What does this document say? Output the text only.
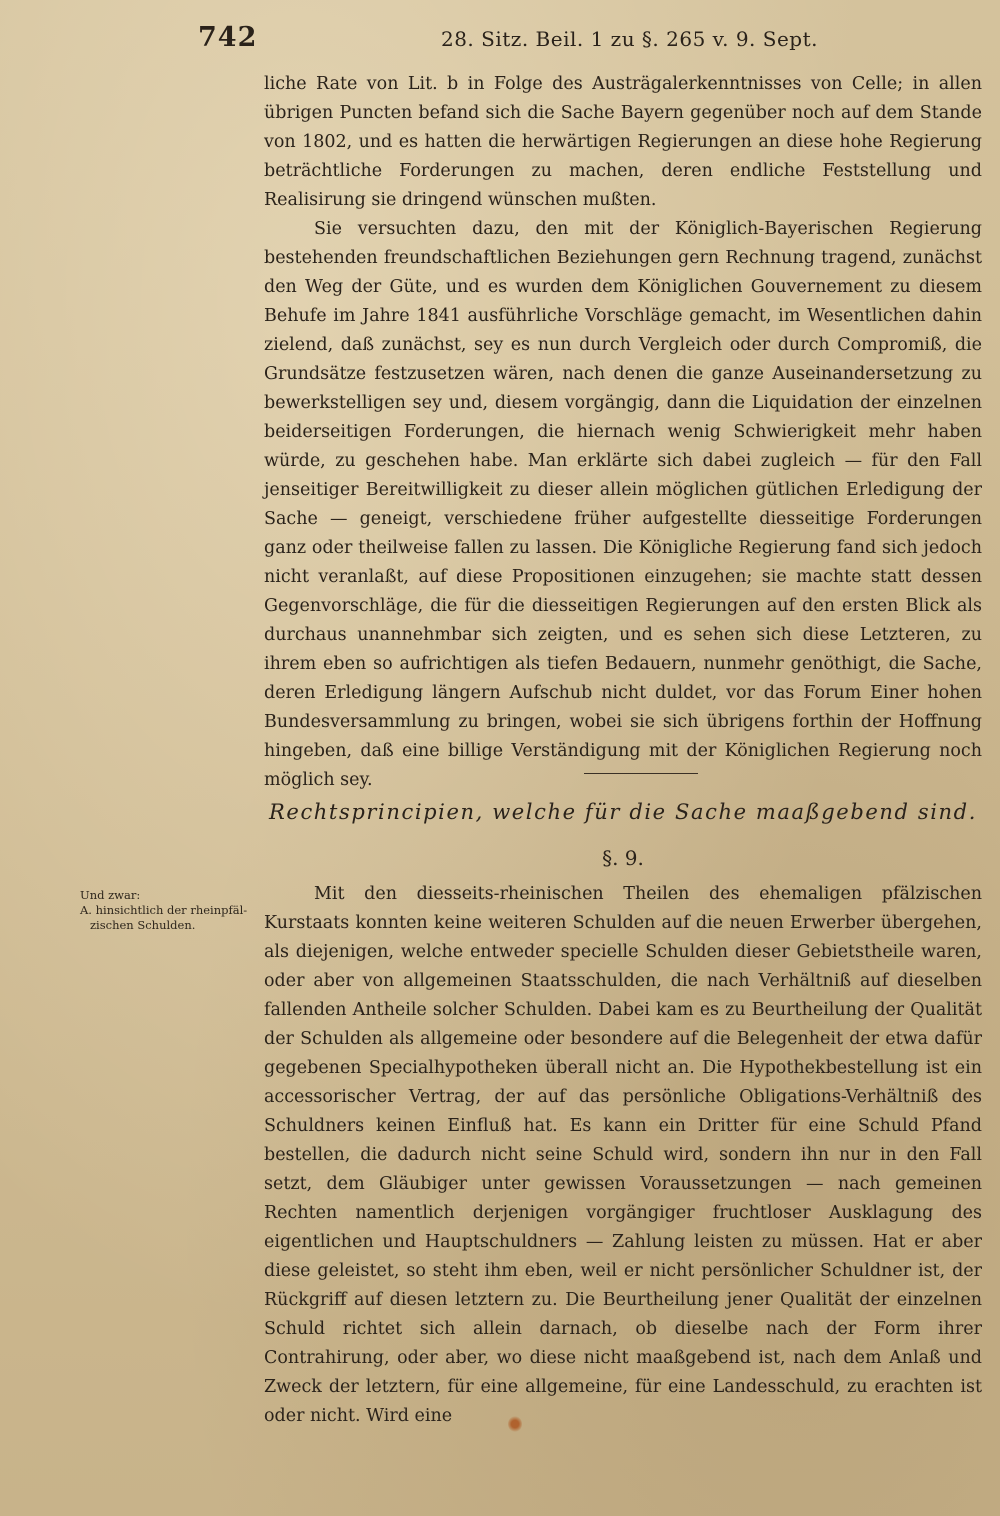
742	28. Sitz. Beil. 1 zu §. 265 v. 9. Sept.

liche Rate von Lit. b in Folge des Austrägalerkenntnisses von Celle; in allen übrigen Puncten befand sich die Sache Bayern gegenüber noch auf dem Stande von 1802, und es hatten die herwärtigen Regierungen an diese hohe Regierung beträchtliche Forderungen zu machen, deren endliche Feststellung und Realisirung sie dringend wünschen mußten.

Sie versuchten dazu, den mit der Königlich-Bayerischen Regierung bestehenden freundschaftlichen Beziehungen gern Rechnung tragend, zunächst den Weg der Güte, und es wurden dem Königlichen Gouvernement zu diesem Behufe im Jahre 1841 ausführliche Vorschläge gemacht, im Wesentlichen dahin zielend, daß zunächst, sey es nun durch Vergleich oder durch Compromiß, die Grundsätze festzusetzen wären, nach denen die ganze Auseinandersetzung zu bewerkstelligen sey und, diesem vorgängig, dann die Liquidation der einzelnen beiderseitigen Forderungen, die hiernach wenig Schwierigkeit mehr haben würde, zu geschehen habe. Man erklärte sich dabei zugleich — für den Fall jenseitiger Bereitwilligkeit zu dieser allein möglichen gütlichen Erledigung der Sache — geneigt, verschiedene früher aufgestellte diesseitige Forderungen ganz oder theilweise fallen zu lassen. Die Königliche Regierung fand sich jedoch nicht veranlaßt, auf diese Propositionen einzugehen; sie machte statt dessen Gegenvorschläge, die für die diesseitigen Regierungen auf den ersten Blick als durchaus unannehmbar sich zeigten, und es sehen sich diese Letzteren, zu ihrem eben so aufrichtigen als tiefen Bedauern, nunmehr genöthigt, die Sache, deren Erledigung längern Aufschub nicht duldet, vor das Forum Einer hohen Bundesversammlung zu bringen, wobei sie sich übrigens forthin der Hoffnung hingeben, daß eine billige Verständigung mit der Königlichen Regierung noch möglich sey.

Rechtsprincipien, welche für die Sache maaßgebend sind.
§. 9.
Und zwar:
A. hinsichtlich der rheinpfäl-
zischen Schulden.

Mit den diesseits-rheinischen Theilen des ehemaligen pfälzischen Kurstaats konnten keine weiteren Schulden auf die neuen Erwerber übergehen, als diejenigen, welche entweder specielle Schulden dieser Gebietstheile waren, oder aber von allgemeinen Staatsschulden, die nach Verhältniß auf dieselben fallenden Antheile solcher Schulden. Dabei kam es zu Beurtheilung der Qualität der Schulden als allgemeine oder besondere auf die Belegenheit der etwa dafür gegebenen Specialhypotheken überall nicht an. Die Hypothekbestellung ist ein accessorischer Vertrag, der auf das persönliche Obligations-Verhältniß des Schuldners keinen Einfluß hat. Es kann ein Dritter für eine Schuld Pfand bestellen, die dadurch nicht seine Schuld wird, sondern ihn nur in den Fall setzt, dem Gläubiger unter gewissen Voraussetzungen — nach gemeinen Rechten namentlich derjenigen vorgängiger fruchtloser Ausklagung des eigentlichen und Hauptschuldners — Zahlung leisten zu müssen. Hat er aber diese geleistet, so steht ihm eben, weil er nicht persönlicher Schuldner ist, der Rückgriff auf diesen letztern zu. Die Beurtheilung jener Qualität der einzelnen Schuld richtet sich allein darnach, ob dieselbe nach der Form ihrer Contrahirung, oder aber, wo diese nicht maaßgebend ist, nach dem Anlaß und Zweck der letztern, für eine allgemeine, für eine Landesschuld, zu erachten ist oder nicht. Wird eine
